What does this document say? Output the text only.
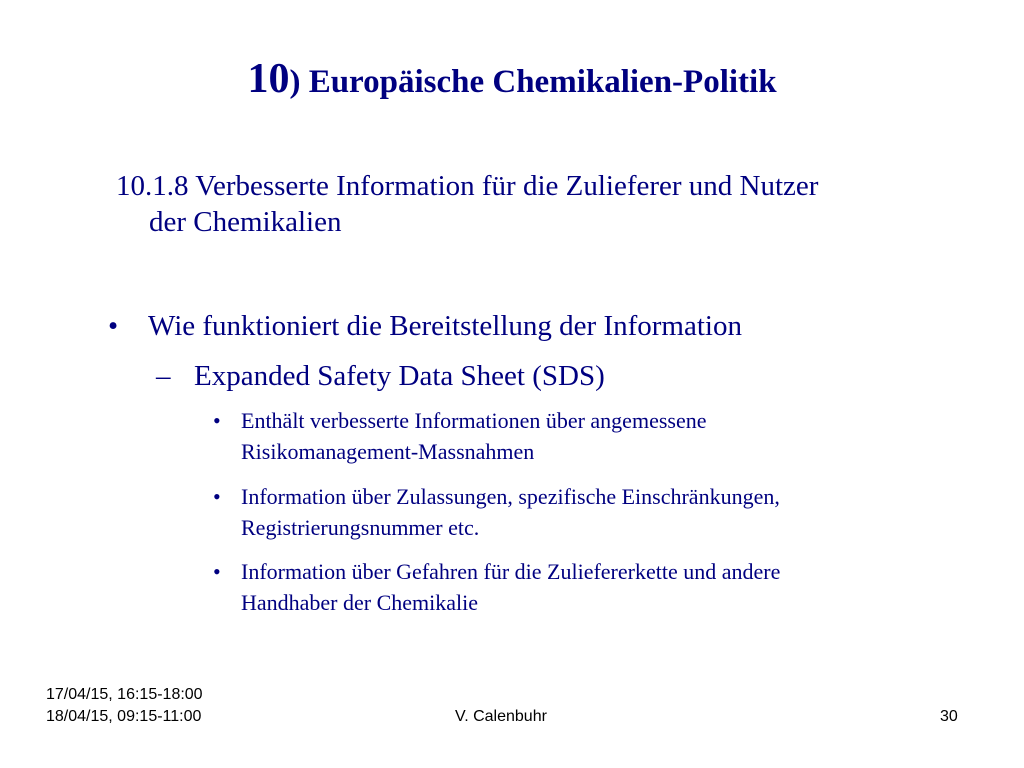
10) Europäische Chemikalien-Politik
10.1.8 Verbesserte Information für die Zulieferer und Nutzer
der Chemikalien
• Wie funktioniert die Bereitstellung der Information
– Expanded Safety Data Sheet (SDS)
• Enthält verbesserte Informationen über angemessene
Risikomanagement-Massnahmen
• Information über Zulassungen, spezifische Einschränkungen,
Registrierungsnummer etc.
• Information über Gefahren für die Zuliefererkette und andere
Handhaber der Chemikalie
17/04/15, 16:15-18:00
18/04/15, 09:15-11:00	V. Calenbuhr	30
